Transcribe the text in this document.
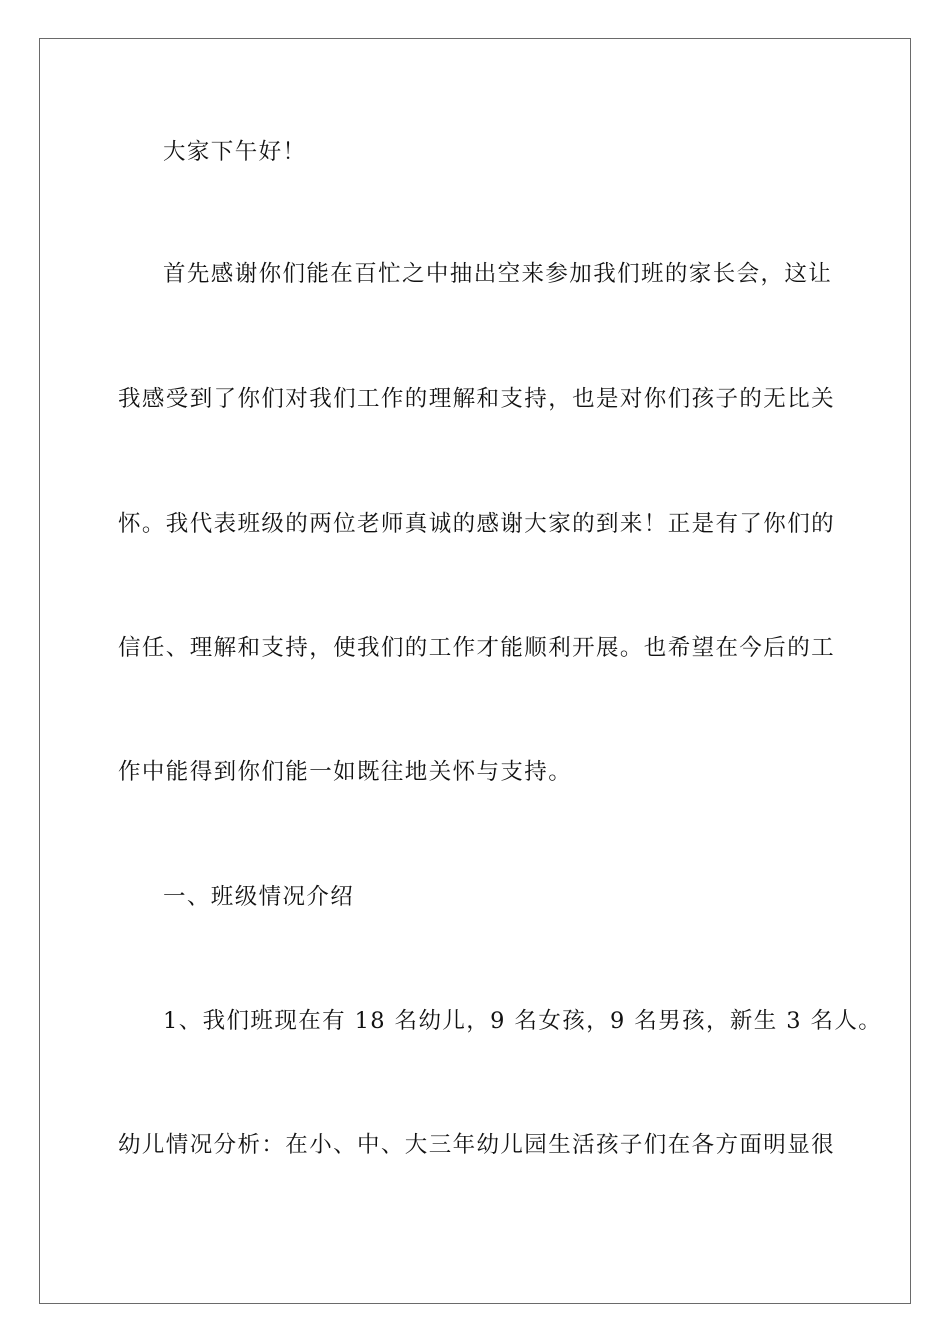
大家下午好！
首先感谢你们能在百忙之中抽出空来参加我们班的家长会，这让
我感受到了你们对我们工作的理解和支持，也是对你们孩子的无比关
怀。我代表班级的两位老师真诚的感谢大家的到来！正是有了你们的
信任、理解和支持，使我们的工作才能顺利开展。也希望在今后的工
作中能得到你们能一如既往地关怀与支持。
一、班级情况介绍
1、我们班现在有 18 名幼儿，9 名女孩，9 名男孩，新生 3 名人。
幼儿情况分析：在小、中、大三年幼儿园生活孩子们在各方面明显很
